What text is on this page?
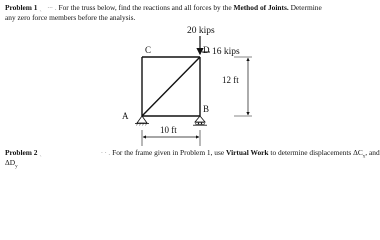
Problem 1 ˎ   ∙∙∙ . For the truss below, find the reactions and all forces by the Method of Joints. Determine
any zero force members before the analysis.
C	D
A
B
20 kips
16 kips
12 ft
10 ft
Problem 2 ˎ	∙ ∙ . For the frame given in Problem 1, use Virtual Work to determine displacements $\Delta C_x$, and
$\Delta D_y$
